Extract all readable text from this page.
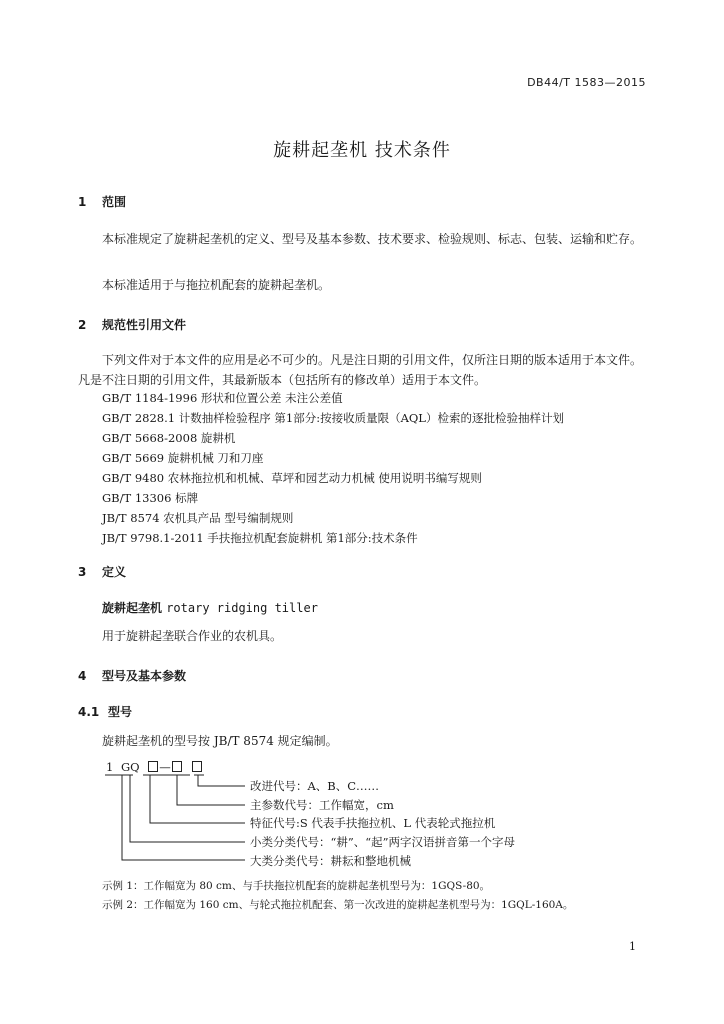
DB44/T 1583—2015
旋耕起垄机 技术条件
1 范围
本标准规定了旋耕起垄机的定义、型号及基本参数、技术要求、检验规则、标志、包装、运输和贮存。
本标准适用于与拖拉机配套的旋耕起垄机。
2 规范性引用文件
下列文件对于本文件的应用是必不可少的。凡是注日期的引用文件，仅所注日期的版本适用于本文件。凡是不注日期的引用文件，其最新版本（包括所有的修改单）适用于本文件。
GB/T 1184-1996 形状和位置公差 未注公差值
GB/T 2828.1 计数抽样检验程序 第1部分:按接收质量限（AQL）检索的逐批检验抽样计划
GB/T 5668-2008 旋耕机
GB/T 5669 旋耕机械 刀和刀座
GB/T 9480 农林拖拉机和机械、草坪和园艺动力机械 使用说明书编写规则
GB/T 13306 标牌
JB/T 8574 农机具产品 型号编制规则
JB/T 9798.1-2011 手扶拖拉机配套旋耕机 第1部分:技术条件
3 定义
旋耕起垄机 rotary ridging tiller
用于旋耕起垄联合作业的农机具。
4 型号及基本参数
4.1 型号
旋耕起垄机的型号按 JB/T 8574 规定编制。
1 GQ —
改进代号：A、B、C……
主参数代号：工作幅宽，cm
特征代号:S 代表手扶拖拉机、L 代表轮式拖拉机
小类分类代号：“耕”、“起”两字汉语拼音第一个字母
大类分类代号：耕耘和整地机械
示例 1：工作幅宽为 80 cm、与手扶拖拉机配套的旋耕起垄机型号为：1GQS-80。
示例 2：工作幅宽为 160 cm、与轮式拖拉机配套、第一次改进的旋耕起垄机型号为：1GQL-160A。
1
